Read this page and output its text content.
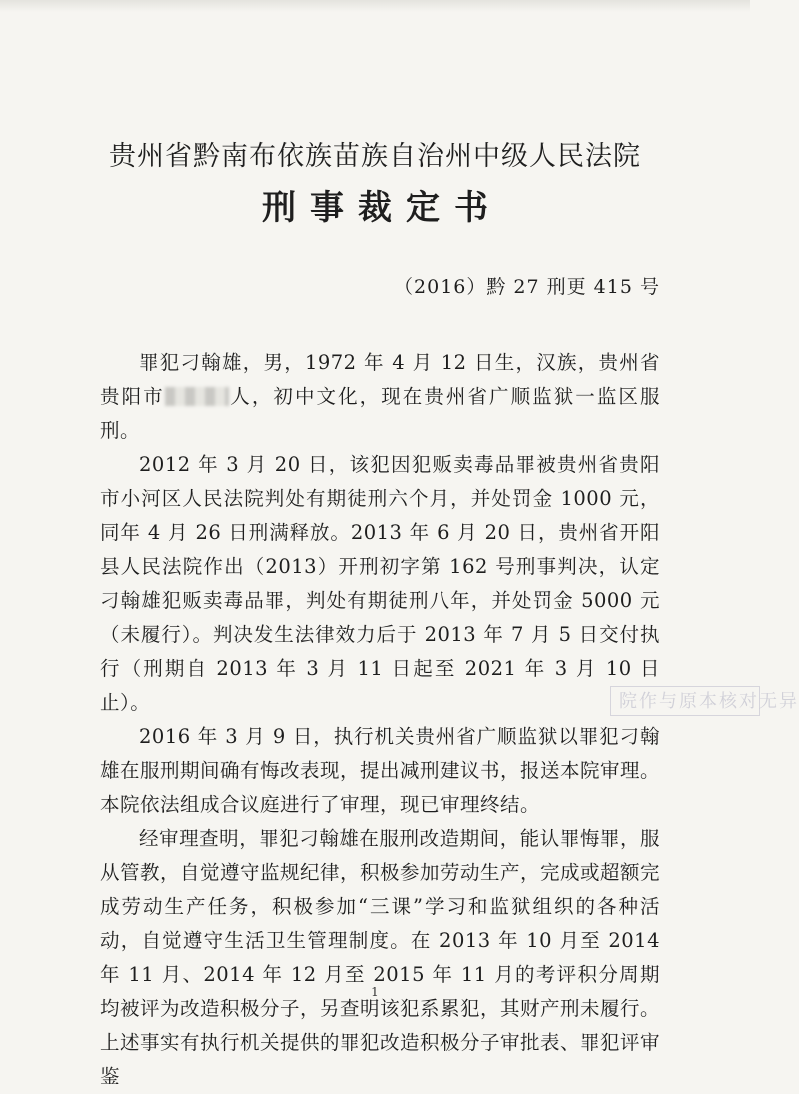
贵州省黔南布依族苗族自治州中级人民法院
刑事裁定书
（2016）黔 27 刑更 415 号

罪犯刁翰雄，男，1972 年 4 月 12 日生，汉族，贵州省贵阳市	人，初中文化，现在贵州省广顺监狱一监区服刑。

2012 年 3 月 20 日，该犯因犯贩卖毒品罪被贵州省贵阳市小河区人民法院判处有期徒刑六个月，并处罚金 1000 元，同年 4 月 26 日刑满释放。2013 年 6 月 20 日，贵州省开阳县人民法院作出（2013）开刑初字第 162 号刑事判决，认定刁翰雄犯贩卖毒品罪，判处有期徒刑八年，并处罚金 5000 元（未履行）。判决发生法律效力后于 2013 年 7 月 5 日交付执行（刑期自 2013 年 3 月 11 日起至 2021 年 3 月 10 日止）。

2016 年 3 月 9 日，执行机关贵州省广顺监狱以罪犯刁翰雄在服刑期间确有悔改表现，提出减刑建议书，报送本院审理。本院依法组成合议庭进行了审理，现已审理终结。

经审理查明，罪犯刁翰雄在服刑改造期间，能认罪悔罪，服从管教，自觉遵守监规纪律，积极参加劳动生产，完成或超额完成劳动生产任务，积极参加“三课”学习和监狱组织的各种活动，自觉遵守生活卫生管理制度。在 2013 年 10 月至 2014 年 11 月、2014 年 12 月至 2015 年 11 月的考评积分周期均被评为改造积极分子，另查明该犯系累犯，其财产刑未履行。上述事实有执行机关提供的罪犯改造积极分子审批表、罪犯评审鉴

院作与原本核对无异
1
